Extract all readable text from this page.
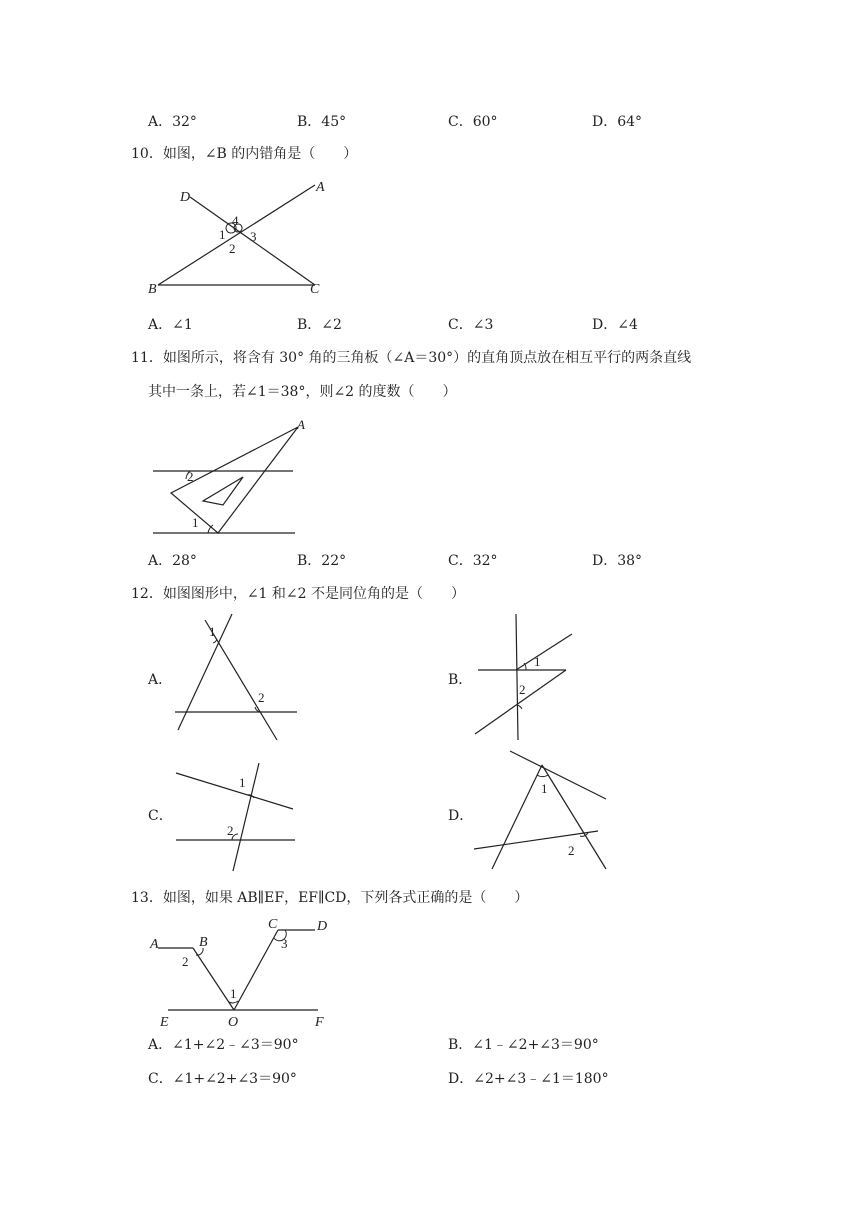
A．32°	B．45°	C．60°	D．64°
10．如图，∠B 的内错角是（　　）
D
A
B	C
1
2
3
4
A．∠1	B．∠2	C．∠3	D．∠4
11．如图所示，将含有 30° 角的三角板（∠A＝30°）的直角顶点放在相互平行的两条直线
其中一条上，若∠1＝38°，则∠2 的度数（　　）
A
1
2
A．28°	B．22°	C．32°	D．38°
12．如图图形中，∠1 和∠2 不是同位角的是（　　）
A．
1
2
B．
1
2
C．
1
2
D．
1
2
13．如图，如果 AB∥EF，EF∥CD，下列各式正确的是（　　）
A	B
C	D
E	O	F
1
2
3
A．∠1+∠2﹣∠3＝90°	B．∠1﹣∠2+∠3＝90°
C．∠1+∠2+∠3＝90°	D．∠2+∠3﹣∠1＝180°
